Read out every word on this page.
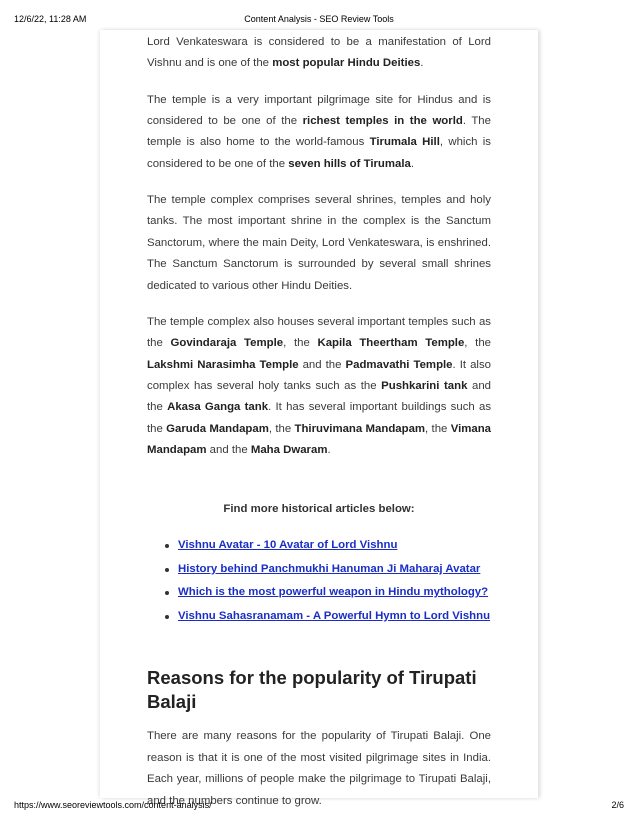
12/6/22, 11:28 AM	Content Analysis - SEO Review Tools

Lord Venkateswara is considered to be a manifestation of Lord Vishnu and is one of the most popular Hindu Deities.

The temple is a very important pilgrimage site for Hindus and is considered to be one of the richest temples in the world. The temple is also home to the world-famous Tirumala Hill, which is considered to be one of the seven hills of Tirumala.

The temple complex comprises several shrines, temples and holy tanks. The most important shrine in the complex is the Sanctum Sanctorum, where the main Deity, Lord Venkateswara, is enshrined. The Sanctum Sanctorum is surrounded by several small shrines dedicated to various other Hindu Deities.

The temple complex also houses several important temples such as the Govindaraja Temple, the Kapila Theertham Temple, the Lakshmi Narasimha Temple and the Padmavathi Temple. It also complex has several holy tanks such as the Pushkarini tank and the Akasa Ganga tank. It has several important buildings such as the Garuda Mandapam, the Thiruvimana Mandapam, the Vimana Mandapam and the Maha Dwaram.

Find more historical articles below:
Vishnu Avatar - 10 Avatar of Lord Vishnu
History behind Panchmukhi Hanuman Ji Maharaj Avatar
Which is the most powerful weapon in Hindu mythology?
Vishnu Sahasranamam - A Powerful Hymn to Lord Vishnu
Reasons for the popularity of Tirupati Balaji

There are many reasons for the popularity of Tirupati Balaji. One reason is that it is one of the most visited pilgrimage sites in India. Each year, millions of people make the pilgrimage to Tirupati Balaji, and the numbers continue to grow.

https://www.seoreviewtools.com/content-analysis/	2/6
